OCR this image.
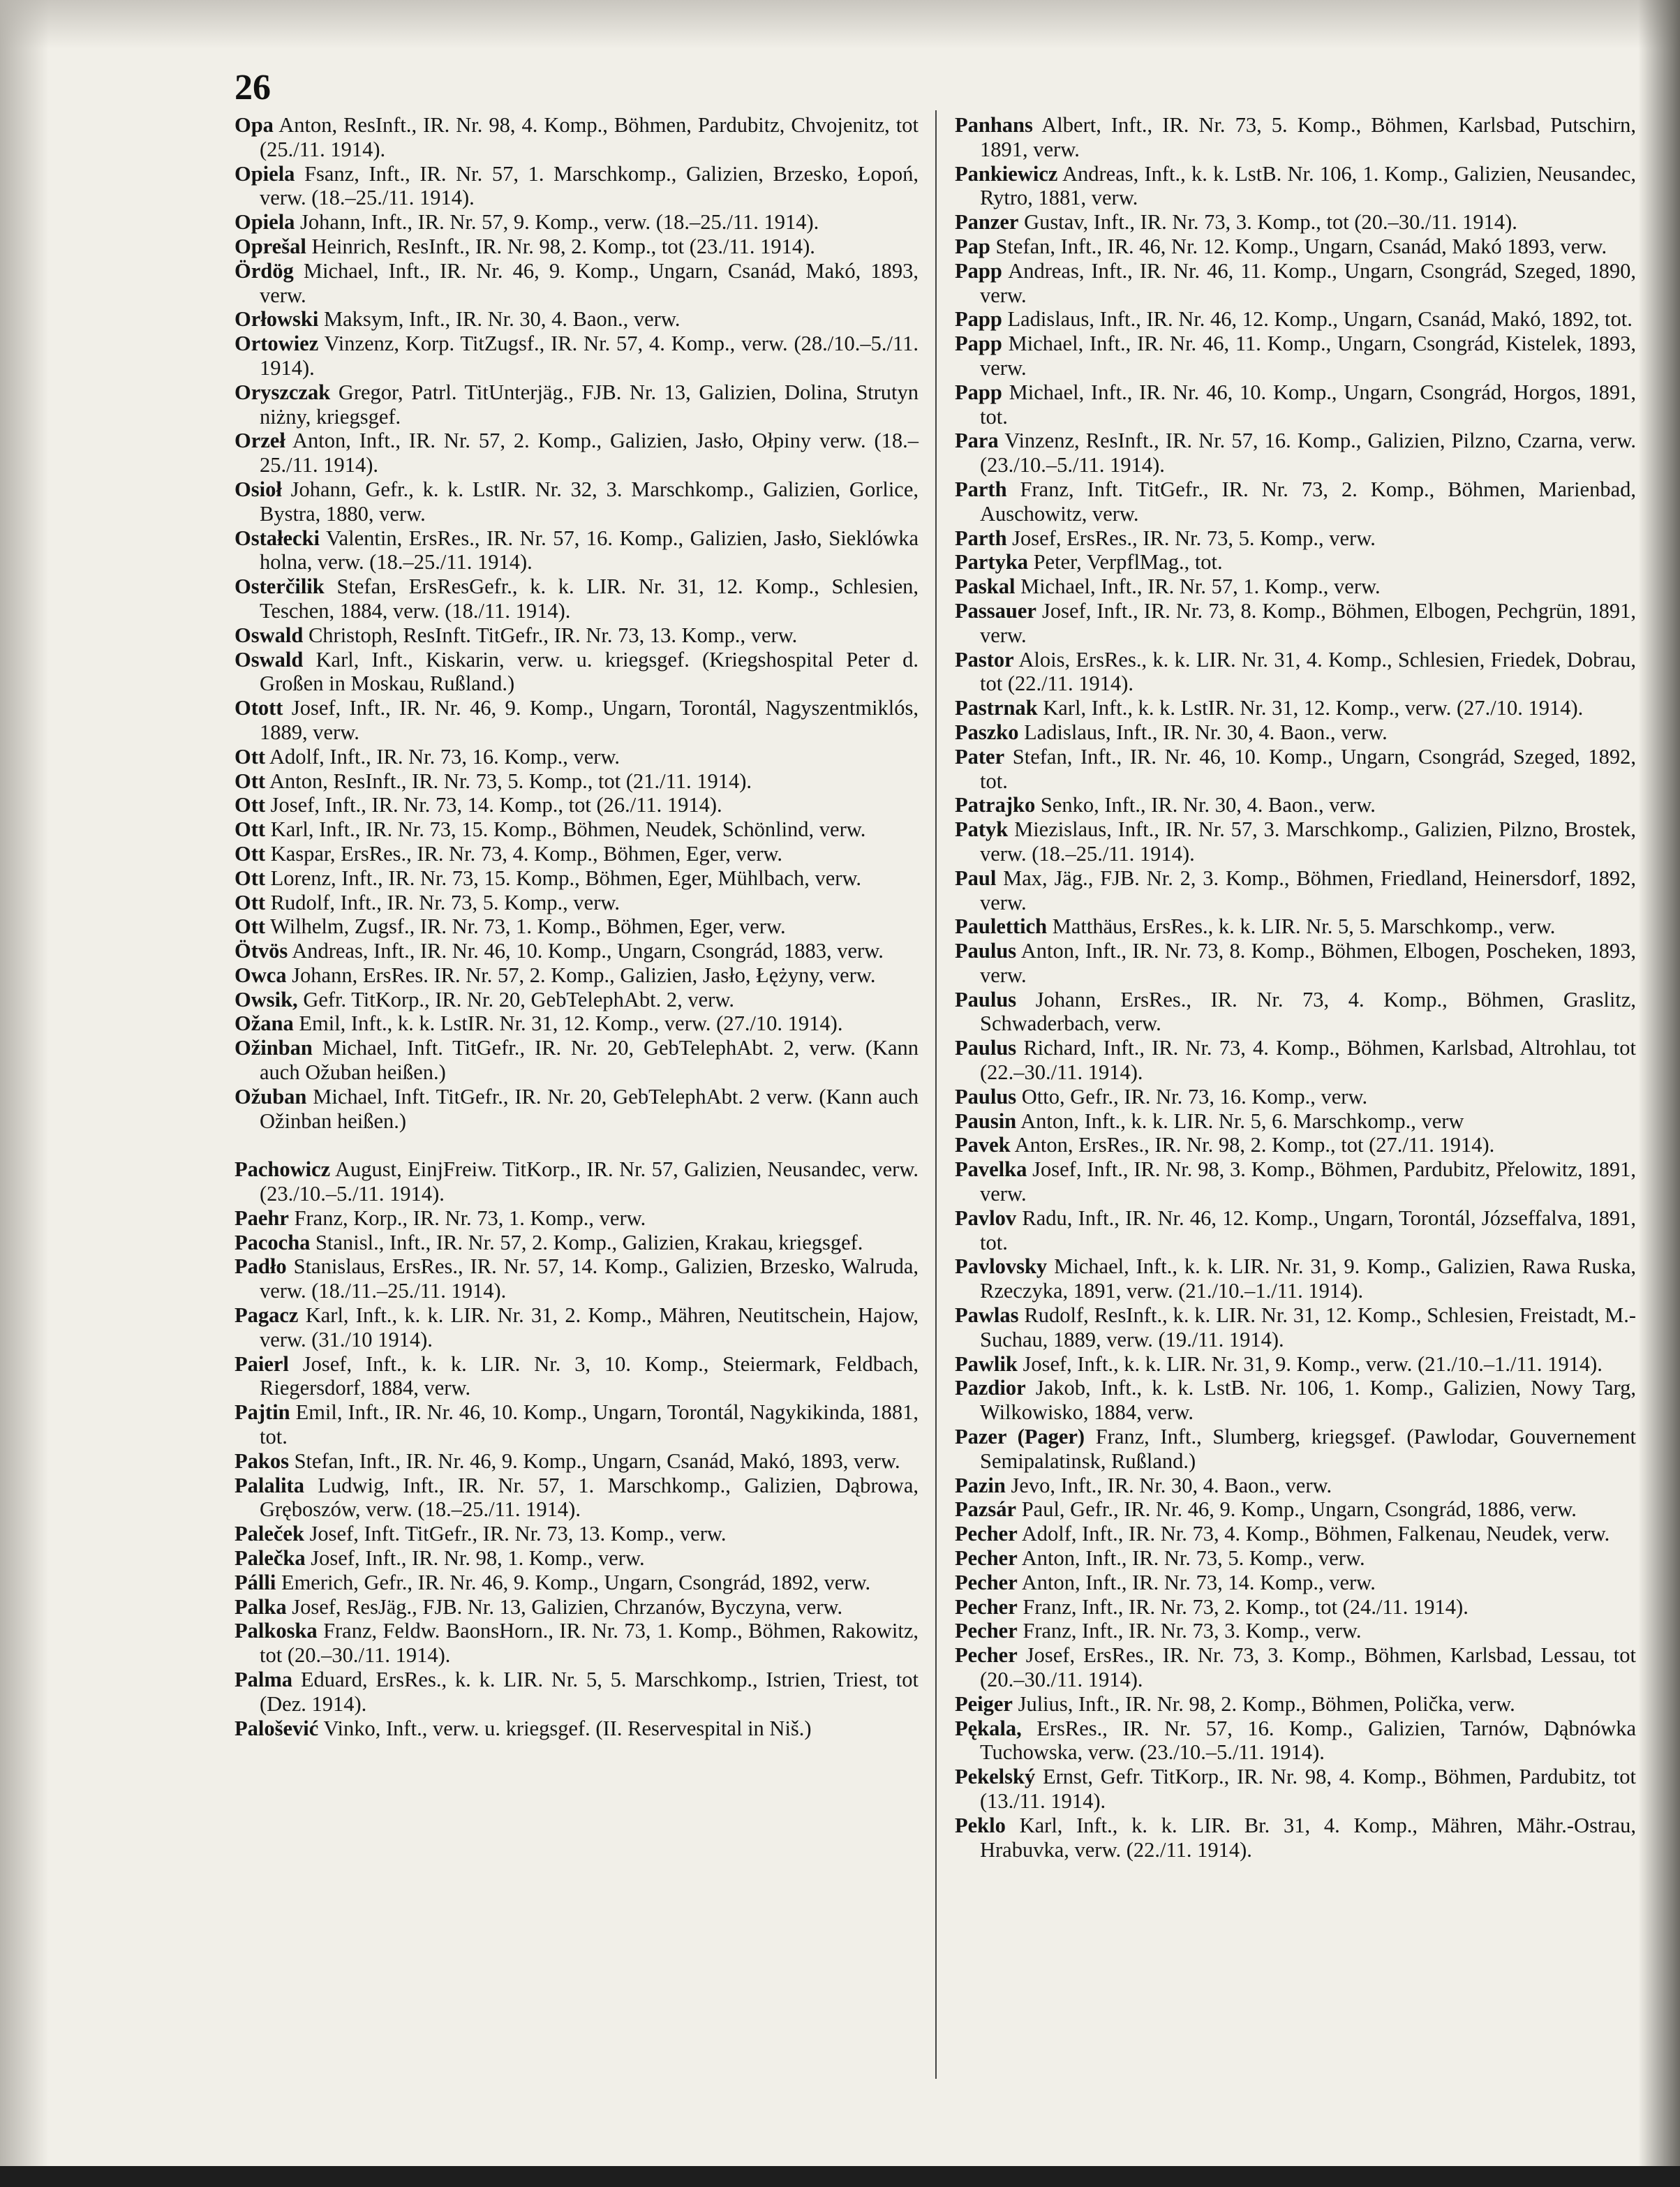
26
Opa Anton, ResInft., IR. Nr. 98, 4. Komp., Böhmen, Pardubitz, Chvojenitz, tot (25./11. 1914).
Opiela Fsanz, Inft., IR. Nr. 57, 1. Marschkomp., Galizien, Brzesko, Łopoń, verw. (18.–25./11. 1914).
Opiela Johann, Inft., IR. Nr. 57, 9. Komp., verw. (18.–25./11. 1914).
Oprešal Heinrich, ResInft., IR. Nr. 98, 2. Komp., tot (23./11. 1914).
Ördög Michael, Inft., IR. Nr. 46, 9. Komp., Ungarn, Csanád, Makó, 1893, verw.
Orłowski Maksym, Inft., IR. Nr. 30, 4. Baon., verw.
Ortowiez Vinzenz, Korp. TitZugsf., IR. Nr. 57, 4. Komp., verw. (28./10.–5./11. 1914).
Oryszczak Gregor, Patrl. TitUnterjäg., FJB. Nr. 13, Galizien, Dolina, Strutyn niżny, kriegsgef.
Orzeł Anton, Inft., IR. Nr. 57, 2. Komp., Galizien, Jasło, Ołpiny verw. (18.–25./11. 1914).
Osioł Johann, Gefr., k. k. LstIR. Nr. 32, 3. Marschkomp., Galizien, Gorlice, Bystra, 1880, verw.
Ostałecki Valentin, ErsRes., IR. Nr. 57, 16. Komp., Galizien, Jasło, Sieklówka holna, verw. (18.–25./11. 1914).
Osterčilik Stefan, ErsResGefr., k. k. LIR. Nr. 31, 12. Komp., Schlesien, Teschen, 1884, verw. (18./11. 1914).
Oswald Christoph, ResInft. TitGefr., IR. Nr. 73, 13. Komp., verw.
Oswald Karl, Inft., Kiskarin, verw. u. kriegsgef. (Kriegshospital Peter d. Großen in Moskau, Rußland.)
Otott Josef, Inft., IR. Nr. 46, 9. Komp., Ungarn, Torontál, Nagyszentmiklós, 1889, verw.
Ott Adolf, Inft., IR. Nr. 73, 16. Komp., verw.
Ott Anton, ResInft., IR. Nr. 73, 5. Komp., tot (21./11. 1914).
Ott Josef, Inft., IR. Nr. 73, 14. Komp., tot (26./11. 1914).
Ott Karl, Inft., IR. Nr. 73, 15. Komp., Böhmen, Neudek, Schönlind, verw.
Ott Kaspar, ErsRes., IR. Nr. 73, 4. Komp., Böhmen, Eger, verw.
Ott Lorenz, Inft., IR. Nr. 73, 15. Komp., Böhmen, Eger, Mühlbach, verw.
Ott Rudolf, Inft., IR. Nr. 73, 5. Komp., verw.
Ott Wilhelm, Zugsf., IR. Nr. 73, 1. Komp., Böhmen, Eger, verw.
Ötvös Andreas, Inft., IR. Nr. 46, 10. Komp., Ungarn, Csongrád, 1883, verw.
Owca Johann, ErsRes. IR. Nr. 57, 2. Komp., Galizien, Jasło, Łężyny, verw.
Owsik, Gefr. TitKorp., IR. Nr. 20, GebTelephAbt. 2, verw.
Ožana Emil, Inft., k. k. LstIR. Nr. 31, 12. Komp., verw. (27./10. 1914).
Ožinban Michael, Inft. TitGefr., IR. Nr. 20, GebTelephAbt. 2, verw. (Kann auch Ožuban heißen.)
Ožuban Michael, Inft. TitGefr., IR. Nr. 20, GebTelephAbt. 2 verw. (Kann auch Ožinban heißen.)
Pachowicz August, EinjFreiw. TitKorp., IR. Nr. 57, Galizien, Neusandec, verw. (23./10.–5./11. 1914).
Paehr Franz, Korp., IR. Nr. 73, 1. Komp., verw.
Pacocha Stanisl., Inft., IR. Nr. 57, 2. Komp., Galizien, Krakau, kriegsgef.
Padło Stanislaus, ErsRes., IR. Nr. 57, 14. Komp., Galizien, Brzesko, Walruda, verw. (18./11.–25./11. 1914).
Pagacz Karl, Inft., k. k. LIR. Nr. 31, 2. Komp., Mähren, Neutitschein, Hajow, verw. (31./10 1914).
Paierl Josef, Inft., k. k. LIR. Nr. 3, 10. Komp., Steiermark, Feldbach, Riegersdorf, 1884, verw.
Pajtin Emil, Inft., IR. Nr. 46, 10. Komp., Ungarn, Torontál, Nagykikinda, 1881, tot.
Pakos Stefan, Inft., IR. Nr. 46, 9. Komp., Ungarn, Csanád, Makó, 1893, verw.
Palalita Ludwig, Inft., IR. Nr. 57, 1. Marschkomp., Galizien, Dąbrowa, Gręboszów, verw. (18.–25./11. 1914).
Paleček Josef, Inft. TitGefr., IR. Nr. 73, 13. Komp., verw.
Palečka Josef, Inft., IR. Nr. 98, 1. Komp., verw.
Pálli Emerich, Gefr., IR. Nr. 46, 9. Komp., Ungarn, Csongrád, 1892, verw.
Palka Josef, ResJäg., FJB. Nr. 13, Galizien, Chrzanów, Byczyna, verw.
Palkoska Franz, Feldw. BaonsHorn., IR. Nr. 73, 1. Komp., Böhmen, Rakowitz, tot (20.–30./11. 1914).
Palma Eduard, ErsRes., k. k. LIR. Nr. 5, 5. Marschkomp., Istrien, Triest, tot (Dez. 1914).
Palošević Vinko, Inft., verw. u. kriegsgef. (II. Reservespital in Niš.)
Panhans Albert, Inft., IR. Nr. 73, 5. Komp., Böhmen, Karlsbad, Putschirn, 1891, verw.
Pankiewicz Andreas, Inft., k. k. LstB. Nr. 106, 1. Komp., Galizien, Neusandec, Rytro, 1881, verw.
Panzer Gustav, Inft., IR. Nr. 73, 3. Komp., tot (20.–30./11. 1914).
Pap Stefan, Inft., IR. 46, Nr. 12. Komp., Ungarn, Csanád, Makó 1893, verw.
Papp Andreas, Inft., IR. Nr. 46, 11. Komp., Ungarn, Csongrád, Szeged, 1890, verw.
Papp Ladislaus, Inft., IR. Nr. 46, 12. Komp., Ungarn, Csanád, Makó, 1892, tot.
Papp Michael, Inft., IR. Nr. 46, 11. Komp., Ungarn, Csongrád, Kistelek, 1893, verw.
Papp Michael, Inft., IR. Nr. 46, 10. Komp., Ungarn, Csongrád, Horgos, 1891, tot.
Para Vinzenz, ResInft., IR. Nr. 57, 16. Komp., Galizien, Pilzno, Czarna, verw. (23./10.–5./11. 1914).
Parth Franz, Inft. TitGefr., IR. Nr. 73, 2. Komp., Böhmen, Marienbad, Auschowitz, verw.
Parth Josef, ErsRes., IR. Nr. 73, 5. Komp., verw.
Partyka Peter, VerpflMag., tot.
Paskal Michael, Inft., IR. Nr. 57, 1. Komp., verw.
Passauer Josef, Inft., IR. Nr. 73, 8. Komp., Böhmen, Elbogen, Pechgrün, 1891, verw.
Pastor Alois, ErsRes., k. k. LIR. Nr. 31, 4. Komp., Schlesien, Friedek, Dobrau, tot (22./11. 1914).
Pastrnak Karl, Inft., k. k. LstIR. Nr. 31, 12. Komp., verw. (27./10. 1914).
Paszko Ladislaus, Inft., IR. Nr. 30, 4. Baon., verw.
Pater Stefan, Inft., IR. Nr. 46, 10. Komp., Ungarn, Csongrád, Szeged, 1892, tot.
Patrajko Senko, Inft., IR. Nr. 30, 4. Baon., verw.
Patyk Miezislaus, Inft., IR. Nr. 57, 3. Marschkomp., Galizien, Pilzno, Brostek, verw. (18.–25./11. 1914).
Paul Max, Jäg., FJB. Nr. 2, 3. Komp., Böhmen, Friedland, Heinersdorf, 1892, verw.
Paulettich Matthäus, ErsRes., k. k. LIR. Nr. 5, 5. Marschkomp., verw.
Paulus Anton, Inft., IR. Nr. 73, 8. Komp., Böhmen, Elbogen, Poscheken, 1893, verw.
Paulus Johann, ErsRes., IR. Nr. 73, 4. Komp., Böhmen, Graslitz, Schwaderbach, verw.
Paulus Richard, Inft., IR. Nr. 73, 4. Komp., Böhmen, Karlsbad, Altrohlau, tot (22.–30./11. 1914).
Paulus Otto, Gefr., IR. Nr. 73, 16. Komp., verw.
Pausin Anton, Inft., k. k. LIR. Nr. 5, 6. Marschkomp., verw
Pavek Anton, ErsRes., IR. Nr. 98, 2. Komp., tot (27./11. 1914).
Pavelka Josef, Inft., IR. Nr. 98, 3. Komp., Böhmen, Pardubitz, Přelowitz, 1891, verw.
Pavlov Radu, Inft., IR. Nr. 46, 12. Komp., Ungarn, Torontál, Józseffalva, 1891, tot.
Pavlovsky Michael, Inft., k. k. LIR. Nr. 31, 9. Komp., Galizien, Rawa Ruska, Rzeczyka, 1891, verw. (21./10.–1./11. 1914).
Pawlas Rudolf, ResInft., k. k. LIR. Nr. 31, 12. Komp., Schlesien, Freistadt, M.-Suchau, 1889, verw. (19./11. 1914).
Pawlik Josef, Inft., k. k. LIR. Nr. 31, 9. Komp., verw. (21./10.–1./11. 1914).
Pazdior Jakob, Inft., k. k. LstB. Nr. 106, 1. Komp., Galizien, Nowy Targ, Wilkowisko, 1884, verw.
Pazer (Pager) Franz, Inft., Slumberg, kriegsgef. (Pawlodar, Gouvernement Semipalatinsk, Rußland.)
Pazin Jevo, Inft., IR. Nr. 30, 4. Baon., verw.
Pazsár Paul, Gefr., IR. Nr. 46, 9. Komp., Ungarn, Csongrád, 1886, verw.
Pecher Adolf, Inft., IR. Nr. 73, 4. Komp., Böhmen, Falkenau, Neudek, verw.
Pecher Anton, Inft., IR. Nr. 73, 5. Komp., verw.
Pecher Anton, Inft., IR. Nr. 73, 14. Komp., verw.
Pecher Franz, Inft., IR. Nr. 73, 2. Komp., tot (24./11. 1914).
Pecher Franz, Inft., IR. Nr. 73, 3. Komp., verw.
Pecher Josef, ErsRes., IR. Nr. 73, 3. Komp., Böhmen, Karlsbad, Lessau, tot (20.–30./11. 1914).
Peiger Julius, Inft., IR. Nr. 98, 2. Komp., Böhmen, Polička, verw.
Pękala, ErsRes., IR. Nr. 57, 16. Komp., Galizien, Tarnów, Dąbnówka Tuchowska, verw. (23./10.–5./11. 1914).
Pekelský Ernst, Gefr. TitKorp., IR. Nr. 98, 4. Komp., Böhmen, Pardubitz, tot (13./11. 1914).
Peklo Karl, Inft., k. k. LIR. Br. 31, 4. Komp., Mähren, Mähr.-Ostrau, Hrabuvka, verw. (22./11. 1914).
